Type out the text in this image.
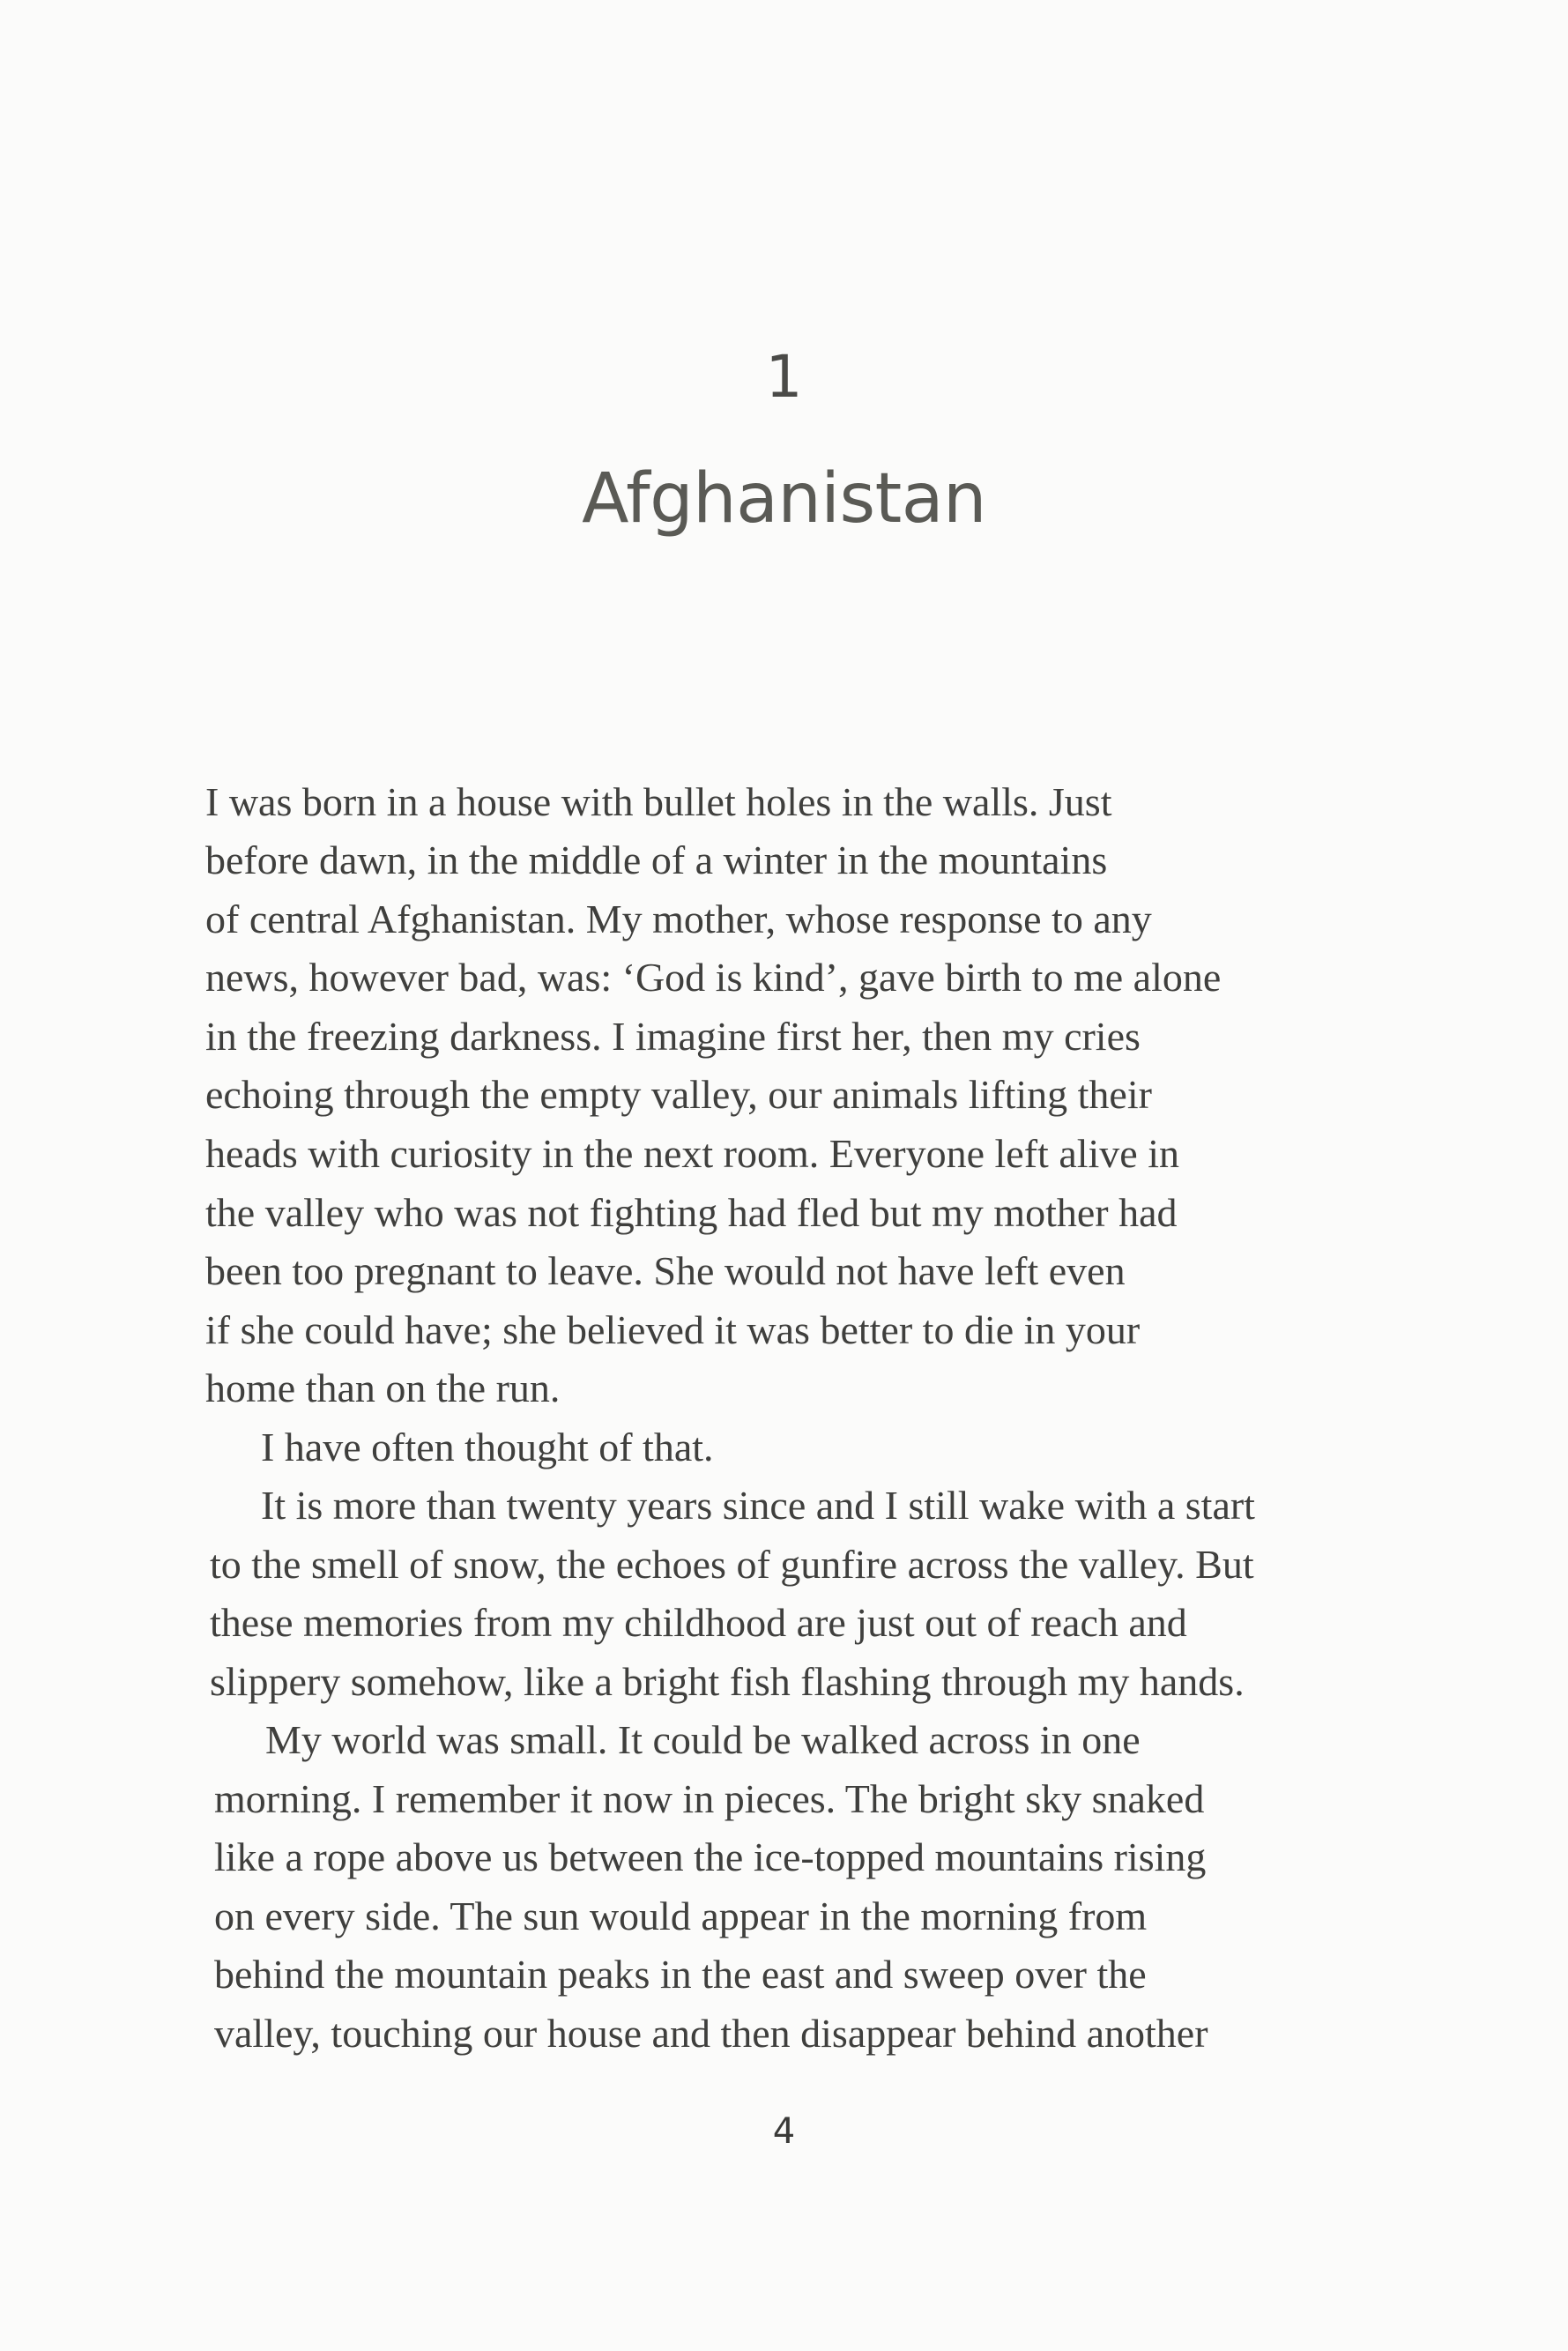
1
Afghanistan
I was born in a house with bullet holes in the walls. Just
before dawn, in the middle of a winter in the mountains
of central Afghanistan. My mother, whose response to any
news, however bad, was: ‘God is kind’, gave birth to me alone
in the freezing darkness. I imagine first her, then my cries
echoing through the empty valley, our animals lifting their
heads with curiosity in the next room. Everyone left alive in
the valley who was not fighting had fled but my mother had
been too pregnant to leave. She would not have left even
if she could have; she believed it was better to die in your
home than on the run.
I have often thought of that.
It is more than twenty years since and I still wake with a start
to the smell of snow, the echoes of gunfire across the valley. But
these memories from my childhood are just out of reach and
slippery somehow, like a bright fish flashing through my hands.
My world was small. It could be walked across in one
morning. I remember it now in pieces. The bright sky snaked
like a rope above us between the ice-topped mountains rising
on every side. The sun would appear in the morning from
behind the mountain peaks in the east and sweep over the
valley, touching our house and then disappear behind another
4
